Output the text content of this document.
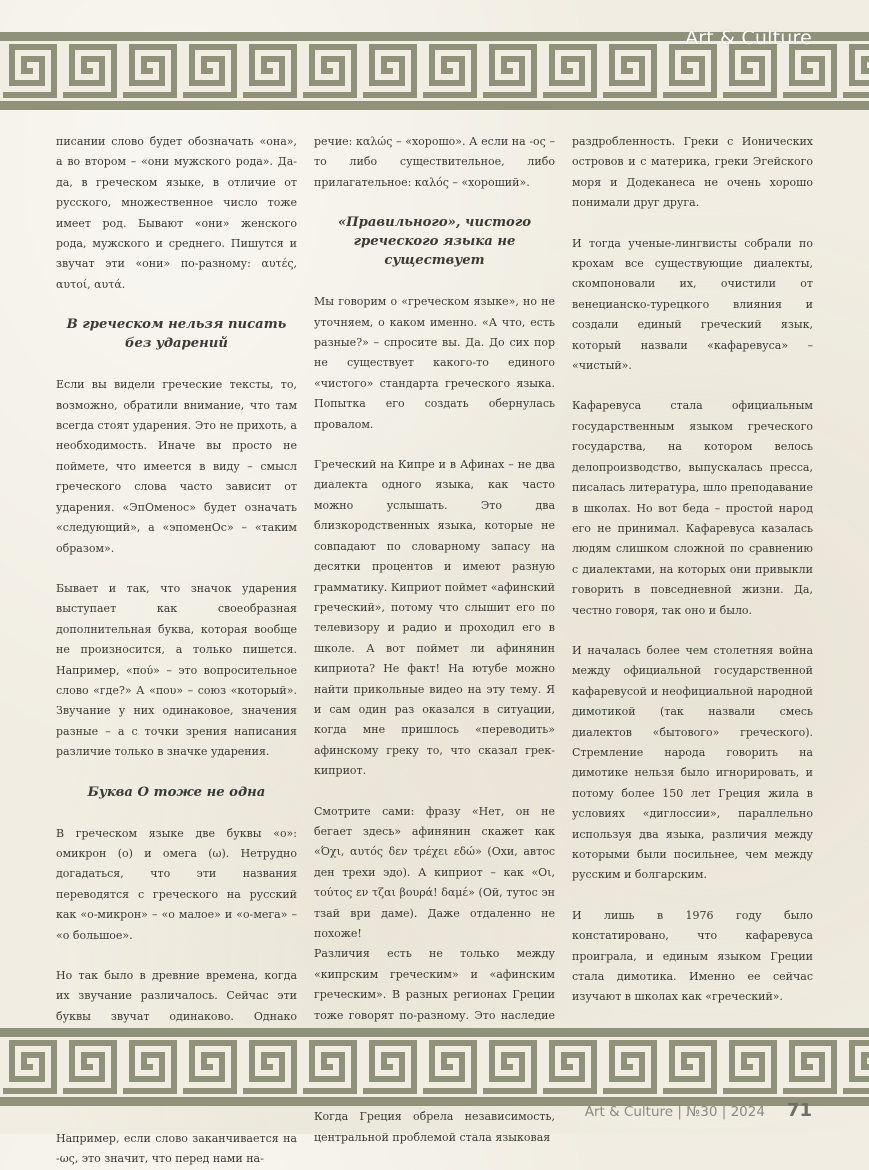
Art & Culture

писании слово будет обозначать «она», а во втором – «они мужского рода». Да-да, в греческом языке, в отличие от русского, множественное число тоже имеет род. Бывают «они» женского рода, мужского и среднего. Пишутся и звучат эти «они» по-разному: αυτές, αυτοί, αυτά.

В греческом нельзя писать без ударений

Если вы видели греческие тексты, то, возможно, обратили внимание, что там всегда стоят ударения. Это не прихоть, а необходимость. Иначе вы просто не поймете, что имеется в виду – смысл греческого слова часто зависит от ударения. «ЭпОменос» будет означать «следующий», а «эпоменОс» – «таким образом».

Бывает и так, что значок ударения выступает как своеобразная дополнительная буква, которая вообще не произносится, а только пишется. Например, «πού» – это вопросительное слово «где?» А «που» – союз «который». Звучание у них одинаковое, значения разные – а с точки зрения написания различие только в значке ударения.

Буква О тоже не одна

В греческом языке две буквы «о»: омикрон (ο) и омега (ω). Нетрудно догадаться, что эти названия переводятся с греческого на русский как «о-микрон» – «о малое» и «о-мега» – «о большое».

Но так было в древние времена, когда их звучание различалось. Сейчас эти буквы звучат одинаково. Однако

Например, если слово заканчивается на -ως, это значит, что перед нами на-

речие: καλώς – «хорошо». А если на -ος – то либо существительное, либо прилагательное: καλός – «хороший».

«Правильного», чистого греческого языка не существует

Мы говорим о «греческом языке», но не уточняем, о каком именно. «А что, есть разные?» – спросите вы. Да. До сих пор не существует какого-то единого «чистого» стандарта греческого языка. Попытка его создать обернулась провалом.

Греческий на Кипре и в Афинах – не два диалекта одного языка, как часто можно услышать. Это два близкородственных языка, которые не совпадают по словарному запасу на десятки процентов и имеют разную грамматику. Киприот поймет «афинский греческий», потому что слышит его по телевизору и радио и проходил его в школе. А вот поймет ли афинянин киприота? Не факт! На ютубе можно найти прикольные видео на эту тему. Я и сам один раз оказался в ситуации, когда мне пришлось «переводить» афинскому греку то, что сказал грек-киприот.

Смотрите сами: фразу «Нет, он не бегает здесь» афинянин скажет как «Όχι, αυτός δεν τρέχει εδώ» (Охи, автос ден трехи эдо). А киприот – как «Οι, τούτος εν τζαι βουρά! δαμέ» (Ой, тутос эн тзай ври даме). Даже отдаленно не похоже!

Различия есть не только между «кипрским греческим» и «афинским греческим». В разных регионах Греции тоже говорят по-разному. Это наследие

Когда Греция обрела независимость, центральной проблемой стала языковая

раздробленность. Греки с Ионических островов и с материка, греки Эгейского моря и Додеканеса не очень хорошо понимали друг друга.

И тогда ученые-лингвисты собрали по крохам все существующие диалекты, скомпоновали их, очистили от венецианско-турецкого влияния и создали единый греческий язык, который назвали «кафаревуса» – «чистый».

Кафаревуса стала официальным государственным языком греческого государства, на котором велось делопроизводство, выпускалась пресса, писалась литература, шло преподавание в школах. Но вот беда – простой народ его не принимал. Кафаревуса казалась людям слишком сложной по сравнению с диалектами, на которых они привыкли говорить в повседневной жизни. Да, честно говоря, так оно и было.

И началась более чем столетняя война между официальной государственной кафаревусой и неофициальной народной димотикой (так назвали смесь диалектов «бытового» греческого). Стремление народа говорить на димотике нельзя было игнорировать, и потому более 150 лет Греция жила в условиях «диглоссии», параллельно используя два языка, различия между которыми были посильнее, чем между русским и болгарским.

И лишь в 1976 году было констатировано, что кафаревуса проиграла, и единым языком Греции стала димотика. Именно ее сейчас изучают в школах как «греческий».

Art & Culture | №30 | 2024 71
